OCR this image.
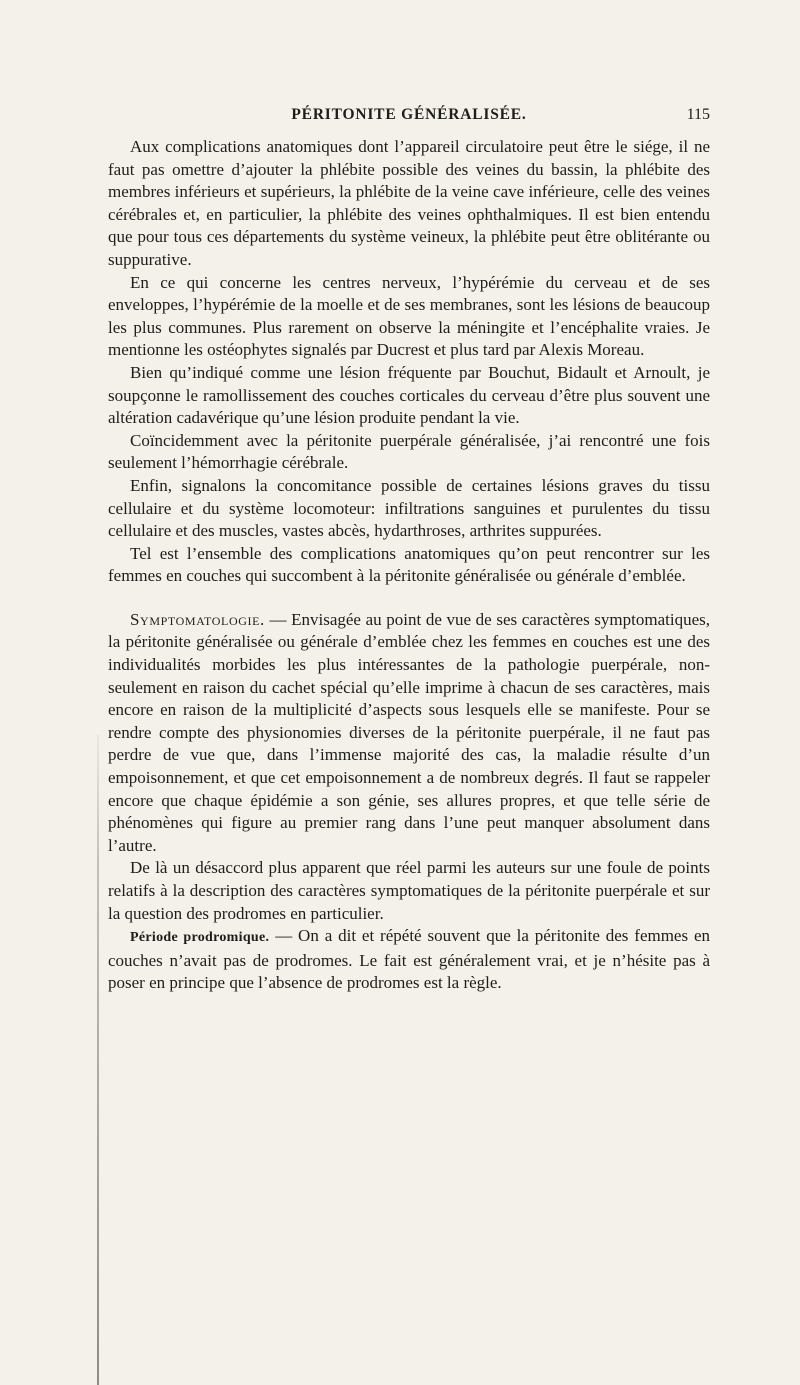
PÉRITONITE GÉNÉRALISÉE.	115

Aux complications anatomiques dont l’appareil circulatoire peut être le siége, il ne faut pas omettre d’ajouter la phlébite possible des veines du bassin, la phlébite des membres inférieurs et supérieurs, la phlébite de la veine cave inférieure, celle des veines cérébrales et, en particulier, la phlébite des veines ophthalmiques. Il est bien entendu que pour tous ces départements du système veineux, la phlébite peut être oblitérante ou suppurative.

En ce qui concerne les centres nerveux, l’hypérémie du cerveau et de ses enveloppes, l’hypérémie de la moelle et de ses membranes, sont les lésions de beaucoup les plus communes. Plus rarement on observe la méningite et l’encéphalite vraies. Je mentionne les ostéophytes signalés par Ducrest et plus tard par Alexis Moreau.

Bien qu’indiqué comme une lésion fréquente par Bouchut, Bidault et Arnoult, je soupçonne le ramollissement des couches corticales du cerveau d’être plus souvent une altération cadavérique qu’une lésion produite pendant la vie.

Coïncidemment avec la péritonite puerpérale généralisée, j’ai rencontré une fois seulement l’hémorrhagie cérébrale.

Enfin, signalons la concomitance possible de certaines lésions graves du tissu cellulaire et du système locomoteur: infiltrations sanguines et purulentes du tissu cellulaire et des muscles, vastes abcès, hydarthroses, arthrites suppurées.

Tel est l’ensemble des complications anatomiques qu’on peut rencontrer sur les femmes en couches qui succombent à la péritonite généralisée ou générale d’emblée.

Symptomatologie. — Envisagée au point de vue de ses caractères symptomatiques, la péritonite généralisée ou générale d’emblée chez les femmes en couches est une des individualités morbides les plus intéressantes de la pathologie puerpérale, non-seulement en raison du cachet spécial qu’elle imprime à chacun de ses caractères, mais encore en raison de la multiplicité d’aspects sous lesquels elle se manifeste. Pour se rendre compte des physionomies diverses de la péritonite puerpérale, il ne faut pas perdre de vue que, dans l’immense majorité des cas, la maladie résulte d’un empoisonnement, et que cet empoisonnement a de nombreux degrés. Il faut se rappeler encore que chaque épidémie a son génie, ses allures propres, et que telle série de phénomènes qui figure au premier rang dans l’une peut manquer absolument dans l’autre.

De là un désaccord plus apparent que réel parmi les auteurs sur une foule de points relatifs à la description des caractères symptomatiques de la péritonite puerpérale et sur la question des prodromes en particulier.

Période prodromique. — On a dit et répété souvent que la péritonite des femmes en couches n’avait pas de prodromes. Le fait est généralement vrai, et je n’hésite pas à poser en principe que l’absence de prodromes est la règle.
